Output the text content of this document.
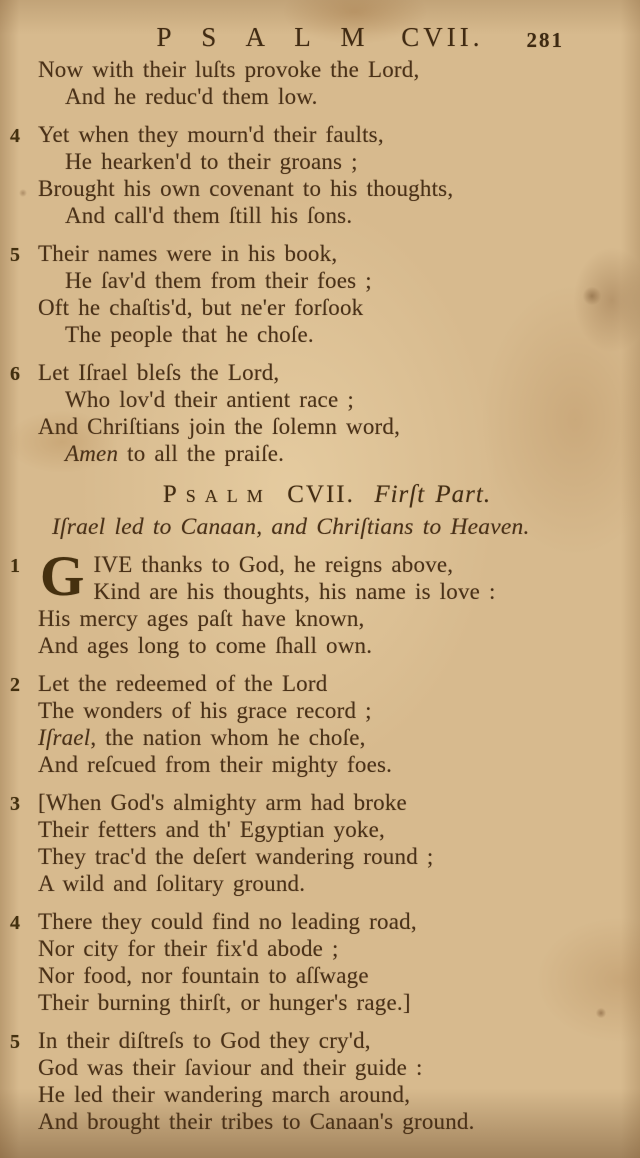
P S A L M CVII.	281
Now with their luſts provoke the Lord,
And he reduc'd them low.
4 Yet when they mourn'd their faults,
He hearken'd to their groans ;
Brought his own covenant to his thoughts,
And call'd them ſtill his ſons.
5 Their names were in his book,
He ſav'd them from their foes ;
Oft he chaſtis'd, but ne'er forſook
The people that he choſe.
6 Let Iſrael bleſs the Lord,
Who lov'd their antient race ;
And Chriſtians join the ſolemn word,
Amen to all the praiſe.
Psalm CVII. Firſt Part.
Iſrael led to Canaan, and Chriſtians to Heaven.
1 G IVE thanks to God, he reigns above,
Kind are his thoughts, his name is love :
His mercy ages paſt have known,
And ages long to come ſhall own.
2 Let the redeemed of the Lord
The wonders of his grace record ;
Iſrael, the nation whom he choſe,
And reſcued from their mighty foes.
3 [When God's almighty arm had broke
Their fetters and th' Egyptian yoke,
They trac'd the deſert wandering round ;
A wild and ſolitary ground.
4 There they could find no leading road,
Nor city for their fix'd abode ;
Nor food, nor fountain to aſſwage
Their burning thirſt, or hunger's rage.]
5 In their diſtreſs to God they cry'd,
God was their ſaviour and their guide :
He led their wandering march around,
And brought their tribes to Canaan's ground.
